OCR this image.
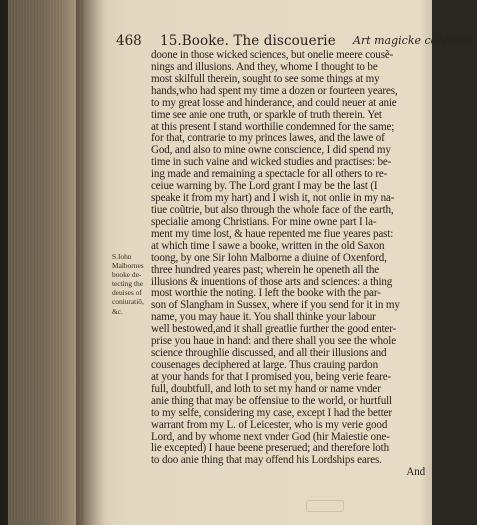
468 15.Booke. The discouerie Art magicke confuted.
S.Iohn
Malbornes
booke de-
tecting the
deuises of
coniuratiõ,
&c.
doone in those wicked sciences, but onelie meere cousẽ-
nings and illusions. And they, whome I thought to be
most skilfull therein, sought to see some things at my
hands,who had spent my time a dozen or fourteen yeares,
to my great losse and hinderance, and could neuer at anie
time see anie one truth, or sparkle of truth therein. Yet
at this present I stand worthilie condemned for the same;
for that, contrarie to my princes lawes, and the lawe of
God, and also to mine owne conscience, I did spend my
time in such vaine and wicked studies and practises: be-
ing made and remaining a spectacle for all others to re-
ceiue warning by. The Lord grant I may be the last (I
speake it from my hart) and I wish it, not onlie in my na-
tiue coũtrie, but also through the whole face of the earth,
specialie among Christians. For mine owne part I la-
ment my time lost, & haue repented me fiue yeares past:
at which time I sawe a booke, written in the old Saxon
toong, by one Sir Iohn Malborne a diuine of Oxenford,
three hundred yeares past; wherein he openeth all the
illusions & inuentions of those arts and sciences: a thing
most worthie the noting. I left the booke with the par-
son of Slangham in Sussex, where if you send for it in my
name, you may haue it. You shall thinke your labour
well bestowed,and it shall greatlie further the good enter-
prise you haue in hand: and there shall you see the whole
science throughlie discussed, and all their illusions and
cousenages deciphered at large. Thus crauing pardon
at your hands for that I promised you, being verie feare-
full, doubtfull, and loth to set my hand or name vnder
anie thing that may be offensiue to the world, or hurtfull
to my selfe, considering my case, except I had the better
warrant from my L. of Leicester, who is my verie good
Lord, and by whome next vnder God (hir Maiestie one-
lie excepted) I haue beene preserued; and therefore loth
to doo anie thing that may offend his Lordships eares.
And
